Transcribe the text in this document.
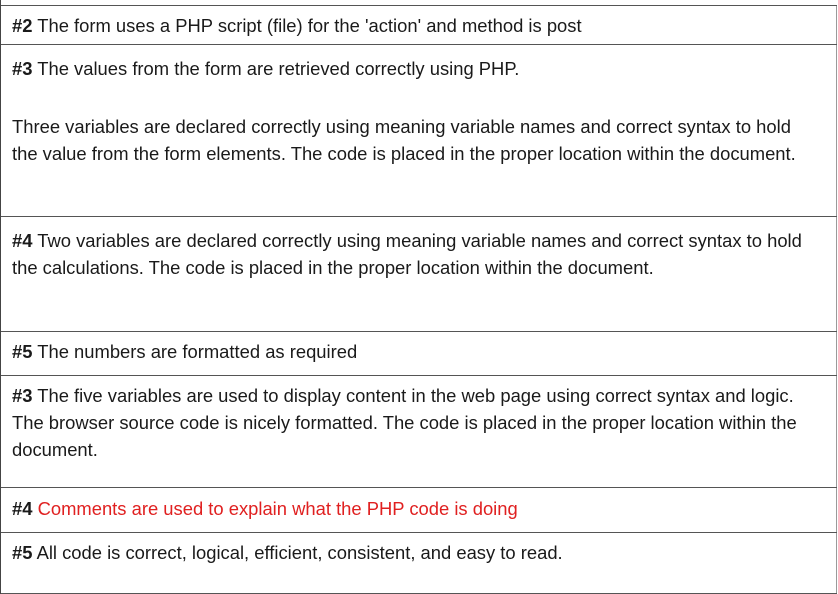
#2 The form uses a PHP script (file) for the 'action' and method is post

#3 The values from the form are retrieved correctly using PHP.

Three variables are declared correctly using meaning variable names and correct syntax to hold the value from the form elements. The code is placed in the proper location within the document.

#4 Two variables are declared correctly using meaning variable names and correct syntax to hold the calculations. The code is placed in the proper location within the document.

#5 The numbers are formatted as required

#3 The five variables are used to display content in the web page using correct syntax and logic. The browser source code is nicely formatted. The code is placed in the proper location within the document.

#4 Comments are used to explain what the PHP code is doing

#5 All code is correct, logical, efficient, consistent, and easy to read.
